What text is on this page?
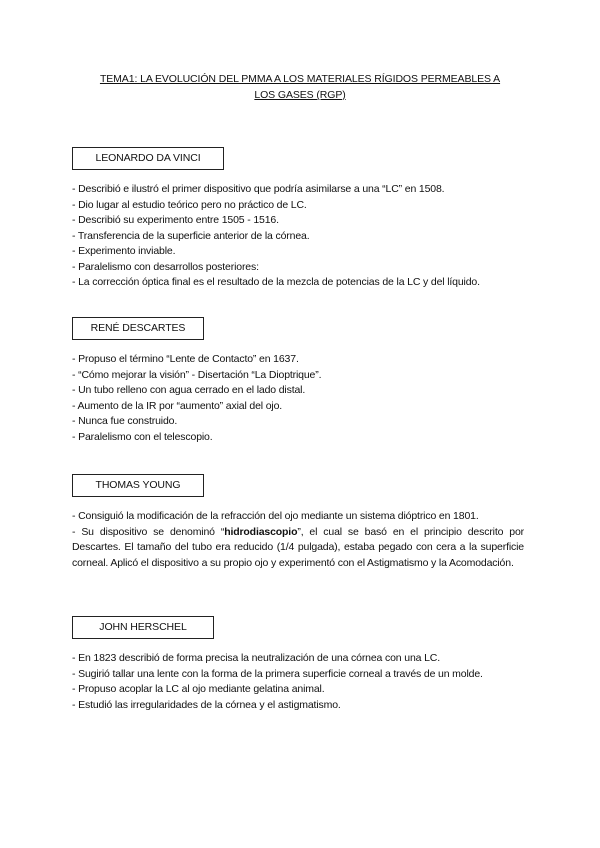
TEMA1: LA EVOLUCIÓN DEL PMMA A LOS MATERIALES RÍGIDOS PERMEABLES A
LOS GASES (RGP)
LEONARDO DA VINCI
- Describió e ilustró el primer dispositivo que podría asimilarse a una “LC” en 1508.
- Dio lugar al estudio teórico pero no práctico de LC.
- Describió su experimento entre 1505 - 1516.
- Transferencia de la superficie anterior de la córnea.
- Experimento inviable.
- Paralelismo con desarrollos posteriores:
- La corrección óptica final es el resultado de la mezcla de potencias de la LC y del líquido.
RENÉ DESCARTES
- Propuso el término “Lente de Contacto” en 1637.
- “Cómo mejorar la visión” - Disertación “La Dioptrique”.
- Un tubo relleno con agua cerrado en el lado distal.
- Aumento de la IR por “aumento” axial del ojo.
- Nunca fue construido.
- Paralelismo con el telescopio.
THOMAS YOUNG
- Consiguió la modificación de la refracción del ojo mediante un sistema dióptrico en 1801.
- Su dispositivo se denominó “hidrodiascopio”, el cual se basó en el principio descrito por Descartes. El tamaño del tubo era reducido (1/4 pulgada), estaba pegado con cera a la superficie corneal. Aplicó el dispositivo a su propio ojo y experimentó con el Astigmatismo y la Acomodación.
JOHN HERSCHEL
- En 1823 describió de forma precisa la neutralización de una córnea con una LC.
- Sugirió tallar una lente con la forma de la primera superficie corneal a través de un molde.
- Propuso acoplar la LC al ojo mediante gelatina animal.
- Estudió las irregularidades de la córnea y el astigmatismo.
